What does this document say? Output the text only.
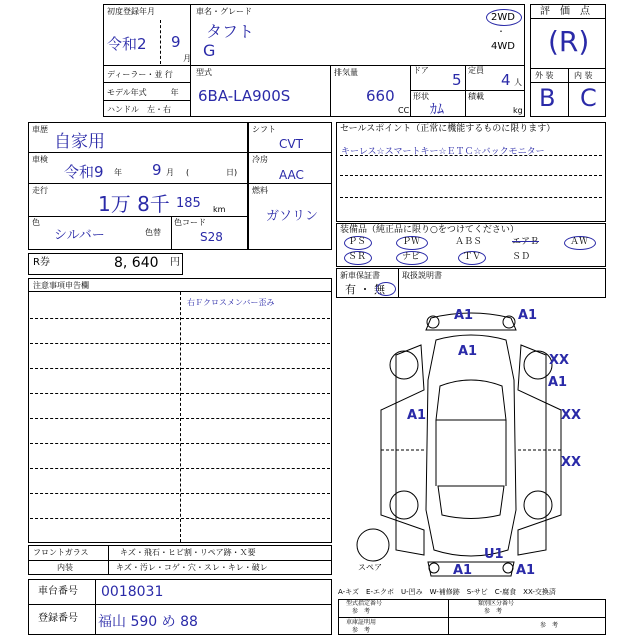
初度登録年月
令和2 9
月
車名・グレード
タフト
G
2WD
・
4WD
ディーラー・並 行
モデル年式　　　年
ハンドル　左・右
型式
6BA-LA900S
排気量
660
CC
ドア
5
形状
ｶﾑ
定員
4 人
積載
kg
評　価　点
(R)
外 装	内 装
B C
車歴
自家用
車検
令和9 年 9 月 (	日)
走行
1万 8千 185 km
色
シルバー	色替
色コード
S28
シフト
CVT
冷房
AAC
燃料
ガソリン
セールスポイント（正常に機能するものに限ります）
キーレス☆スマートキー☆ＥＴＣ☆バックモニター
装備品（純正品に限り○をつけてください）
ＰＳ	ＰＷ	ＡＢＳ	エアＢ	ＡＷ
ＳＲ	ナビ	ＴＶ	ＳＤ
新車保証書
有 ・ 無
取扱説明書
R券	8, 640 円
注意事項申告欄
右Ｆクロスメンバー歪み
フロントガラス	キズ・飛石・ヒビ割・リペア跡・Ｘ要
内装	キズ・汚レ・コゲ・穴・スレ・キレ・破レ
車台番号 0018031
登録番号 福山 590 め 88
A1	A1
A1
XX
A1
XX
XX
A1
U1
A1	A1
スペア
A-キズ　E-エクボ　U-凹み　W-補修跡　S-サビ　C-腐食　XX-交換済
型式指定番号
参　考
類別区分番号
参　考
車庫証明用
参　考
参　考
